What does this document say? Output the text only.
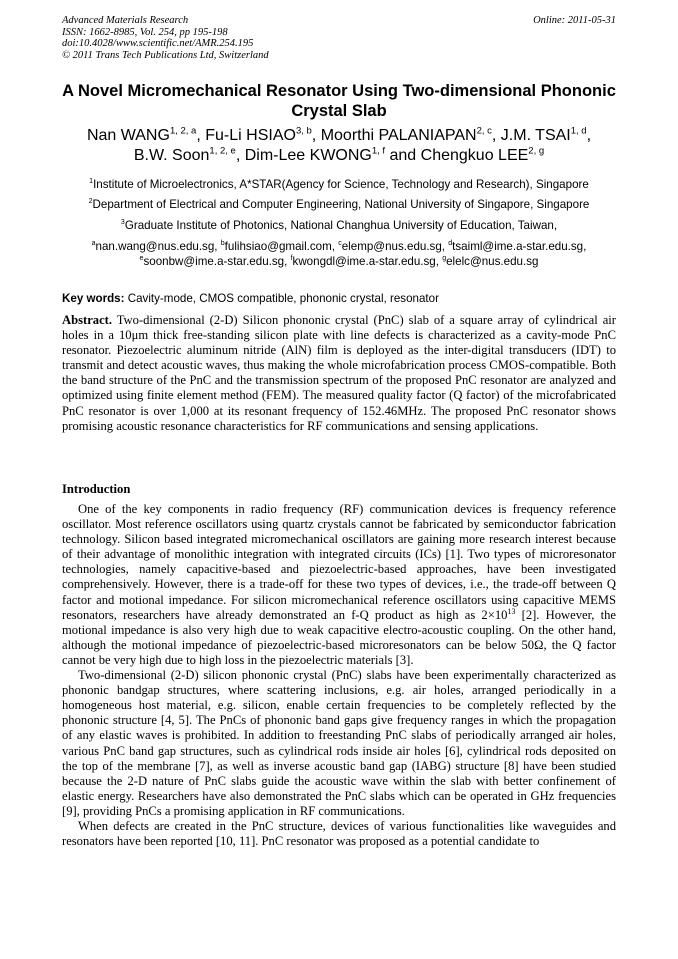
Advanced Materials Research
ISSN: 1662-8985, Vol. 254, pp 195-198
doi:10.4028/www.scientific.net/AMR.254.195
© 2011 Trans Tech Publications Ltd, Switzerland
Online: 2011-05-31
A Novel Micromechanical Resonator Using Two-dimensional Phononic
Crystal Slab
Nan WANG$^{1, 2, a}$, Fu-Li HSIAO$^{3, b}$, Moorthi PALANIAPAN$^{2, c}$, J.M. TSAI$^{1, d}$,
B.W. Soon$^{1, 2, e}$, Dim-Lee KWONG$^{1, f}$ and Chengkuo LEE$^{2, g}$
$^1$Institute of Microelectronics, A*STAR(Agency for Science, Technology and Research), Singapore
$^2$Department of Electrical and Computer Engineering, National University of Singapore, Singapore
$^3$Graduate Institute of Photonics, National Changhua University of Education, Taiwan,
$^a$nan.wang@nus.edu.sg, $^b$fulihsiao@gmail.com, $^c$elemp@nus.edu.sg, $^d$tsaiml@ime.a-star.edu.sg,
$^e$soonbw@ime.a-star.edu.sg, $^f$kwongdl@ime.a-star.edu.sg, $^g$elelc@nus.edu.sg
Key words: Cavity-mode, CMOS compatible, phononic crystal, resonator
Abstract. Two-dimensional (2-D) Silicon phononic crystal (PnC) slab of a square array of cylindrical air holes in a 10μm thick free-standing silicon plate with line defects is characterized as a cavity-mode PnC resonator. Piezoelectric aluminum nitride (AlN) film is deployed as the inter-digital transducers (IDT) to transmit and detect acoustic waves, thus making the whole microfabrication process CMOS-compatible. Both the band structure of the PnC and the transmission spectrum of the proposed PnC resonator are analyzed and optimized using finite element method (FEM). The measured quality factor (Q factor) of the microfabricated PnC resonator is over 1,000 at its resonant frequency of 152.46MHz. The proposed PnC resonator shows promising acoustic resonance characteristics for RF communications and sensing applications.
Introduction

One of the key components in radio frequency (RF) communication devices is frequency reference oscillator. Most reference oscillators using quartz crystals cannot be fabricated by semiconductor fabrication technology. Silicon based integrated micromechanical oscillators are gaining more research interest because of their advantage of monolithic integration with integrated circuits (ICs) [1]. Two types of microresonator technologies, namely capacitive-based and piezoelectric-based approaches, have been investigated comprehensively. However, there is a trade-off for these two types of devices, i.e., the trade-off between Q factor and motional impedance. For silicon micromechanical reference oscillators using capacitive MEMS resonators, researchers have already demonstrated an f-Q product as high as $2\times 10^{13}$ [2]. However, the motional impedance is also very high due to weak capacitive electro-acoustic coupling. On the other hand, although the motional impedance of piezoelectric-based microresonators can be below 50Ω, the Q factor cannot be very high due to high loss in the piezoelectric materials [3].

Two-dimensional (2-D) silicon phononic crystal (PnC) slabs have been experimentally characterized as phononic bandgap structures, where scattering inclusions, e.g. air holes, arranged periodically in a homogeneous host material, e.g. silicon, enable certain frequencies to be completely reflected by the phononic structure [4, 5]. The PnCs of phononic band gaps give frequency ranges in which the propagation of any elastic waves is prohibited. In addition to freestanding PnC slabs of periodically arranged air holes, various PnC band gap structures, such as cylindrical rods inside air holes [6], cylindrical rods deposited on the top of the membrane [7], as well as inverse acoustic band gap (IABG) structure [8] have been studied because the 2-D nature of PnC slabs guide the acoustic wave within the slab with better confinement of elastic energy. Researchers have also demonstrated the PnC slabs which can be operated in GHz frequencies [9], providing PnCs a promising application in RF communications.

When defects are created in the PnC structure, devices of various functionalities like waveguides and resonators have been reported [10, 11]. PnC resonator was proposed as a potential candidate to
